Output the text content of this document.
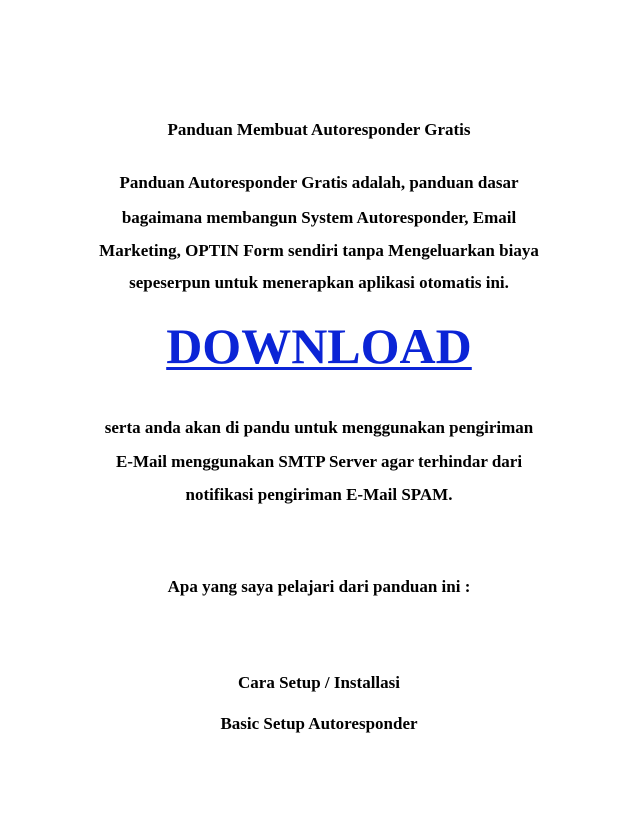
Panduan Membuat Autoresponder Gratis
Panduan Autoresponder Gratis adalah, panduan dasar
bagaimana membangun System Autoresponder, Email
Marketing, OPTIN Form sendiri tanpa Mengeluarkan biaya
sepeserpun untuk menerapkan aplikasi otomatis ini.
DOWNLOAD
serta anda akan di pandu untuk menggunakan pengiriman
E-Mail menggunakan SMTP Server agar terhindar dari
notifikasi pengiriman E-Mail SPAM.
Apa yang saya pelajari dari panduan ini :
Cara Setup / Installasi
Basic Setup Autoresponder
